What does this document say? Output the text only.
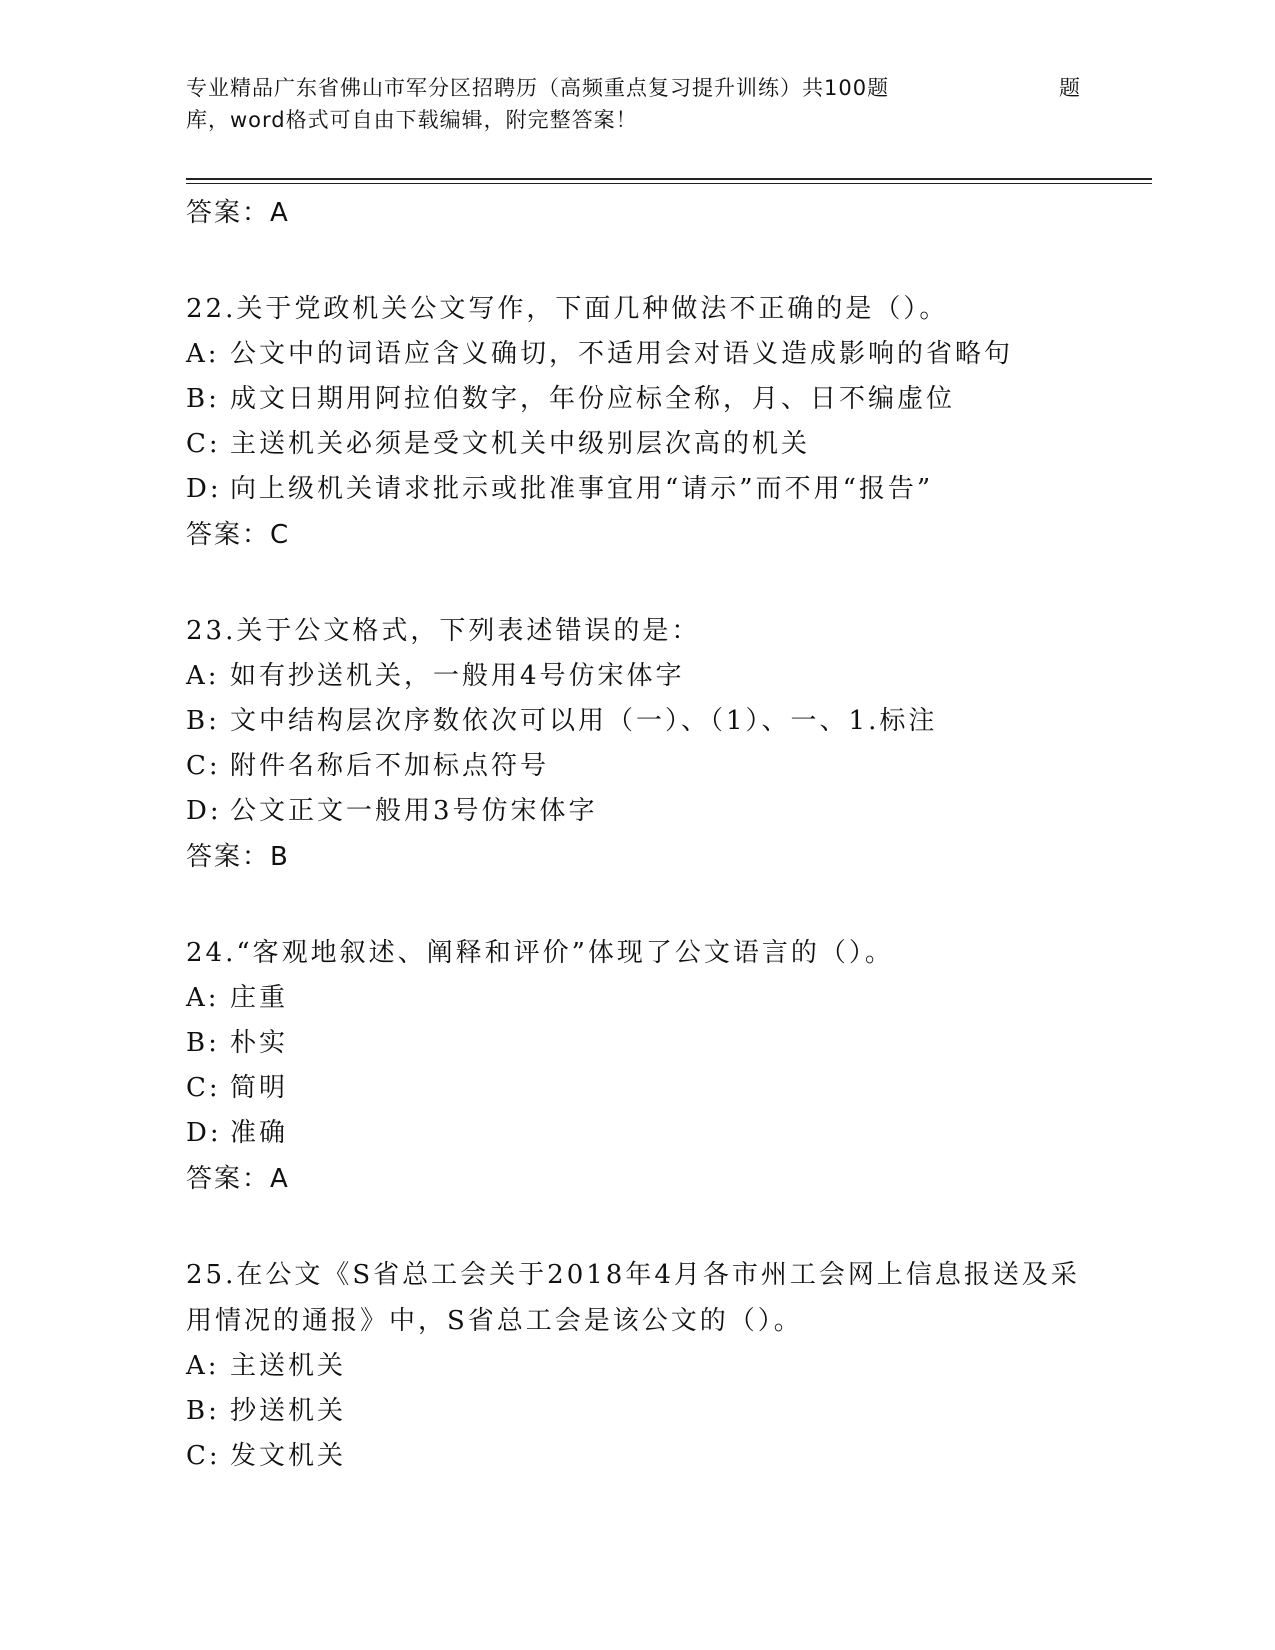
专业精品广东省佛山市军分区招聘历（高频重点复习提升训练）共100题	题
库，word格式可自由下载编辑，附完整答案！
答案：A
22.关于党政机关公文写作，下面几种做法不正确的是（）。
A: 公文中的词语应含义确切，不适用会对语义造成影响的省略句
B: 成文日期用阿拉伯数字，年份应标全称，月、日不编虚位
C: 主送机关必须是受文机关中级别层次高的机关
D: 向上级机关请求批示或批准事宜用“请示”而不用“报告”
答案：C
23.关于公文格式，下列表述错误的是：
A: 如有抄送机关，一般用4号仿宋体字
B: 文中结构层次序数依次可以用（一）、（1）、一、1.标注
C: 附件名称后不加标点符号
D: 公文正文一般用3号仿宋体字
答案：B
24.“客观地叙述、阐释和评价”体现了公文语言的（）。
A: 庄重
B: 朴实
C: 简明
D: 准确
答案：A
25.在公文《S省总工会关于2018年4月各市州工会网上信息报送及采
用情况的通报》中，S省总工会是该公文的（）。
A: 主送机关
B: 抄送机关
C: 发文机关
